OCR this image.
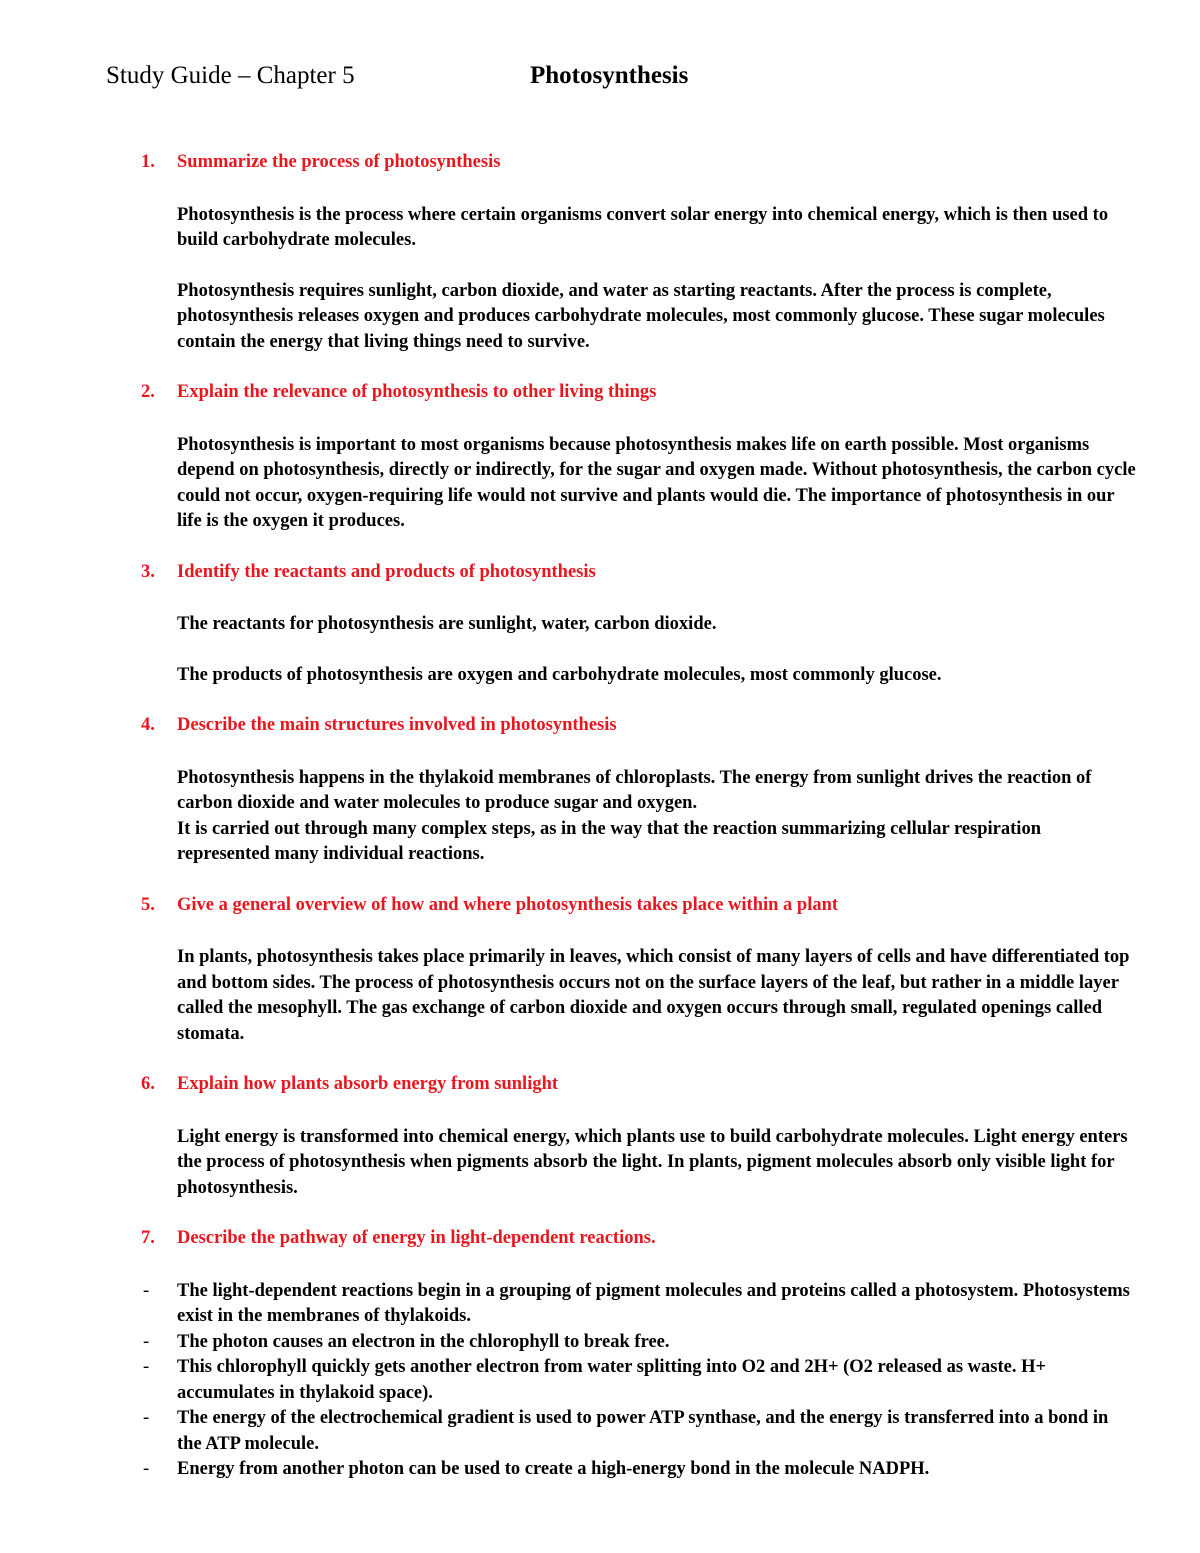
Study Guide – Chapter 5	Photosynthesis
1. Summarize the process of photosynthesis

Photosynthesis is the process where certain organisms convert solar energy into chemical energy, which is then used to build carbohydrate molecules.

Photosynthesis requires sunlight, carbon dioxide, and water as starting reactants. After the process is complete, photosynthesis releases oxygen and produces carbohydrate molecules, most commonly glucose. These sugar molecules contain the energy that living things need to survive.

2. Explain the relevance of photosynthesis to other living things

Photosynthesis is important to most organisms because photosynthesis makes life on earth possible. Most organisms depend on photosynthesis, directly or indirectly, for the sugar and oxygen made. Without photosynthesis, the carbon cycle could not occur, oxygen-requiring life would not survive and plants would die. The importance of photosynthesis in our life is the oxygen it produces.

3. Identify the reactants and products of photosynthesis

The reactants for photosynthesis are sunlight, water, carbon dioxide.

The products of photosynthesis are oxygen and carbohydrate molecules, most commonly glucose.

4. Describe the main structures involved in photosynthesis

Photosynthesis happens in the thylakoid membranes of chloroplasts. The energy from sunlight drives the reaction of carbon dioxide and water molecules to produce sugar and oxygen.

It is carried out through many complex steps, as in the way that the reaction summarizing cellular respiration represented many individual reactions.

5. Give a general overview of how and where photosynthesis takes place within a plant

In plants, photosynthesis takes place primarily in leaves, which consist of many layers of cells and have differentiated top and bottom sides. The process of photosynthesis occurs not on the surface layers of the leaf, but rather in a middle layer called the mesophyll. The gas exchange of carbon dioxide and oxygen occurs through small, regulated openings called stomata.

6. Explain how plants absorb energy from sunlight

Light energy is transformed into chemical energy, which plants use to build carbohydrate molecules. Light energy enters the process of photosynthesis when pigments absorb the light. In plants, pigment molecules absorb only visible light for photosynthesis.

7. Describe the pathway of energy in light-dependent reactions.
- The light-dependent reactions begin in a grouping of pigment molecules and proteins called a photosystem. Photosystems exist in the membranes of thylakoids.
- The photon causes an electron in the chlorophyll to break free.
- This chlorophyll quickly gets another electron from water splitting into O2 and 2H+ (O2 released as waste. H+ accumulates in thylakoid space).
- The energy of the electrochemical gradient is used to power ATP synthase, and the energy is transferred into a bond in the ATP molecule.
- Energy from another photon can be used to create a high-energy bond in the molecule NADPH.
